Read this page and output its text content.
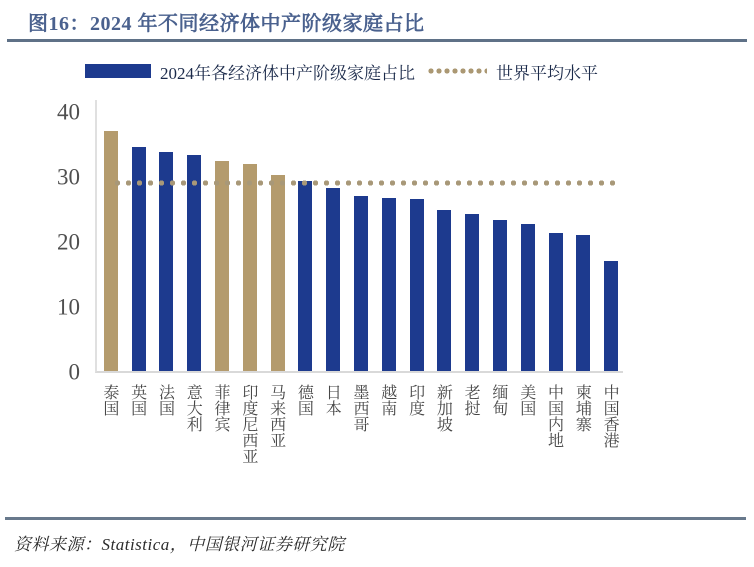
图16：2024 年不同经济体中产阶级家庭占比
2024年各经济体中产阶级家庭占比	世界平均水平
0
10
20
30
40
泰国 英国 法国 意大利 菲律宾 印度尼西亚 马来西亚 德国 日本 墨西哥 越南 印度 新加坡 老挝 缅甸 美国 中国内地 柬埔寨 中国香港
资料来源：Statistica，中国银河证券研究院
